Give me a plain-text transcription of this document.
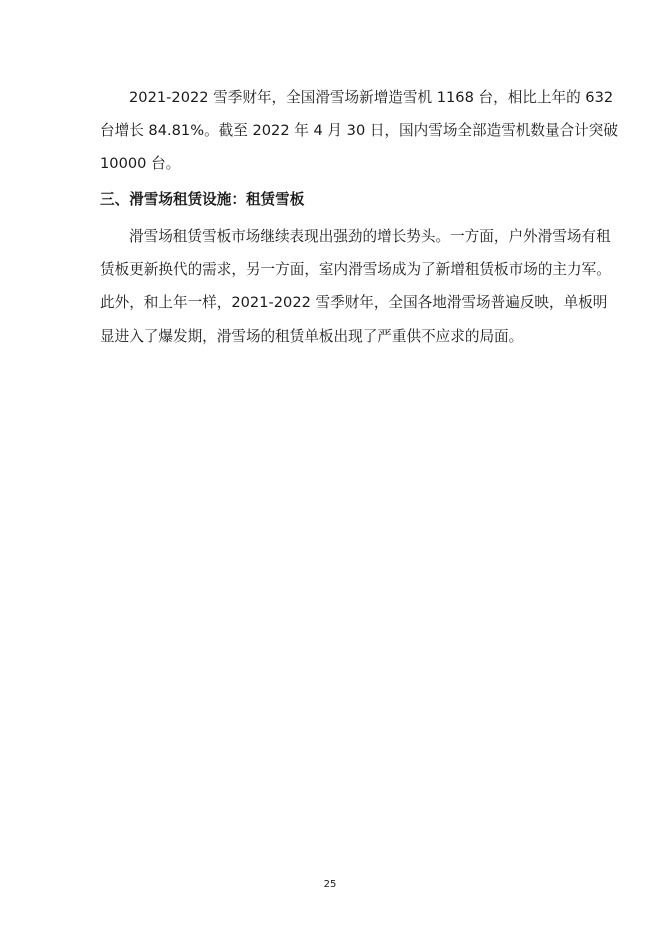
2021-2022 雪季财年，全国滑雪场新增造雪机 1168 台，相比上年的 632
台增长 84.81%。截至 2022 年 4 月 30 日，国内雪场全部造雪机数量合计突破
10000 台。
三、滑雪场租赁设施：租赁雪板
滑雪场租赁雪板市场继续表现出强劲的增长势头。一方面，户外滑雪场有租
赁板更新换代的需求，另一方面，室内滑雪场成为了新增租赁板市场的主力军。
此外，和上年一样，2021-2022 雪季财年，全国各地滑雪场普遍反映，单板明
显进入了爆发期，滑雪场的租赁单板出现了严重供不应求的局面。
25
